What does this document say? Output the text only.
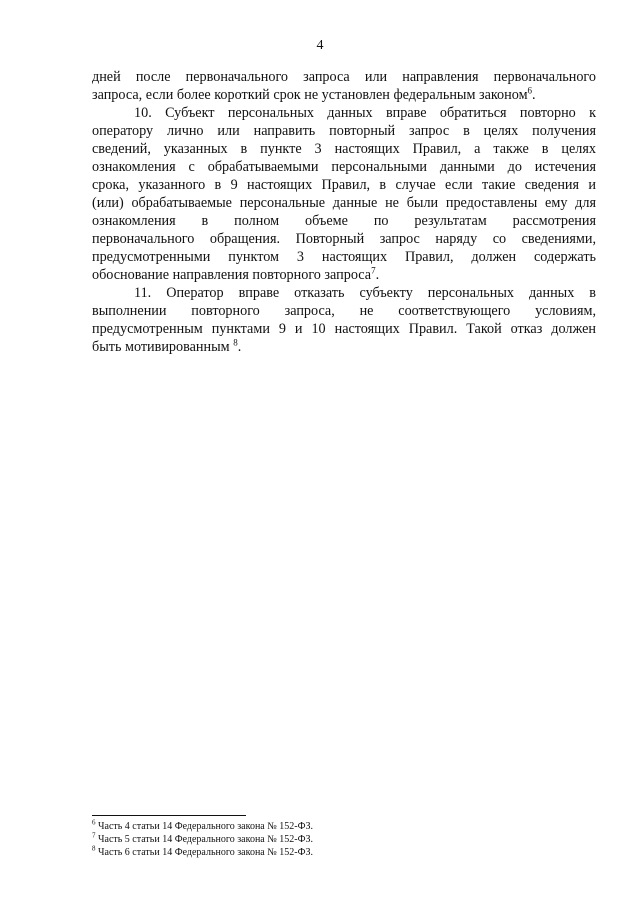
4
дней после первоначального запроса или направления первоначального
запроса, если более короткий срок не установлен федеральным законом$^6$.
10. Субъект персональных данных вправе обратиться повторно к
оператору лично или направить повторный запрос в целях получения
сведений, указанных в пункте 3 настоящих Правил, а также в целях
ознакомления с обрабатываемыми персональными данными до истечения
срока, указанного в 9 настоящих Правил, в случае если такие сведения и
(или) обрабатываемые персональные данные не были предоставлены ему для
ознакомления в полном объеме по результатам рассмотрения
первоначального обращения. Повторный запрос наряду со сведениями,
предусмотренными пунктом 3 настоящих Правил, должен содержать
обоснование направления повторного запроса$^7$.
11. Оператор вправе отказать субъекту персональных данных в
выполнении повторного запроса, не соответствующего условиям,
предусмотренным пунктами 9 и 10 настоящих Правил. Такой отказ должен
быть мотивированным $^8$.
$^6$ Часть 4 статьи 14 Федерального закона № 152-ФЗ.
$^7$ Часть 5 статьи 14 Федерального закона № 152-ФЗ.
$^8$ Часть 6 статьи 14 Федерального закона № 152-ФЗ.
